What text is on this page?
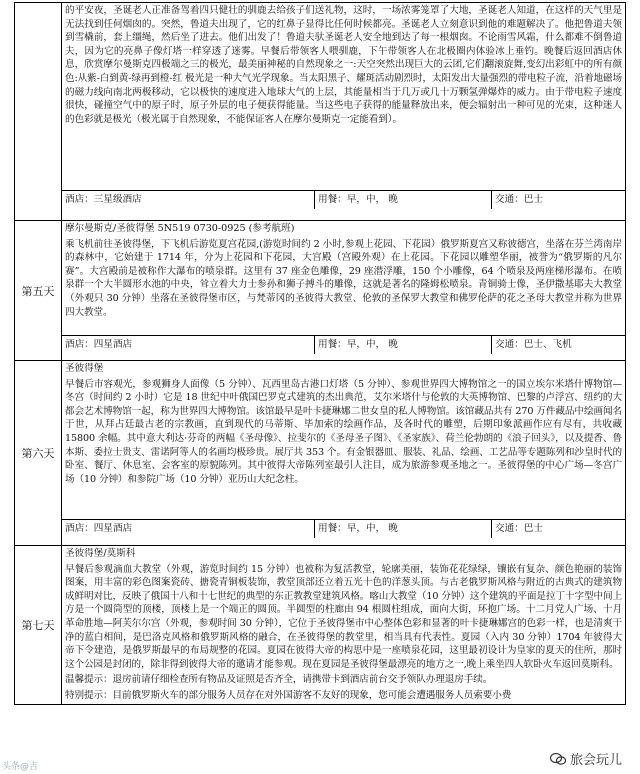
	的平安夜，圣诞老人正准备驾着四只健壮的驯鹿去给孩子们送礼物，这时，一场浓雾笼罩了大地，圣诞老人知道，在这样的天气里是无法找到任何烟囱的。突然，鲁道夫出现了，它的红鼻子显得比任何时候都亮。圣诞老人立刻意识到他的难题解决了。他把鲁道夫领到雪橇前，套上缰绳，然后坐了进去。他们出发了！鲁道夫驮圣诞老人安全地到达了每一根烟囱。不论雨雪风霜，什么都难不倒鲁道夫，因为它的亮鼻子像灯塔一样穿透了迷雾。早餐后带领客人喂驯鹿，下午带领客人在北极圈内体验冰上垂钓。晚餐后返回酒店休息，欣赏摩尔曼斯克四极端之三的极光，最美丽神秘的自然现象之一:天空突然出现巨大的云团,它们翻滚旋舞,变幻出彩虹中的所有颜色:从紫-白到黄-绿再到橙-红 极光是一种大气光学现象。当太阳黑子、耀斑活动剧烈时，太阳发出大量强烈的带电粒子流，沿着地磁场的磁力线向南北两极移动，它以极快的速度进入地球大气的上层，其能量相当于几万或几十万颗氢弹爆炸的威力。由于带电粒子速度很快，碰撞空气中的原子时，原子外层的电子便获得能量。当这些电子获得的能量释放出来，便会辐射出一种可见的光束，这种迷人的色彩就是极光（极光属于自然现象，不能保证客人在摩尔曼斯克一定能看到）。
酒店：三星级酒店 用餐：早，中， 晚 交通：巴士

第五天	摩尔曼斯克/圣彼得堡 5N519 0730-0925 (参考航班)
乘飞机前往圣彼得堡，下飞机后游览夏宫花园,(游览时间约 2 小时,参观上花园、下花园）俄罗斯夏宫又称彼德宫，坐落在芬兰湾南岸的森林中，它始建于 1714 年，分为上花园和下花园，大宫殿（宫殿外观）在上花园。下花园以雕塑华丽，被誉为“俄罗斯的凡尔赛”。大宫殿前是被称作大瀑布的喷泉群。这里有 37 座金色雕像，29 座潜浮雕，150 个小雕像，64 个喷泉及两座梯形瀑布。在喷泉群一个大半圆形水池的中央，耸立着大力士参孙和狮子搏斗的雕像，这就是著名的隆姆松喷泉。青铜骑士像，圣伊撒基耶夫大教堂（外观只 30 分钟）坐落在圣彼得堡市区，与梵蒂冈的圣彼得大教堂、伦敦的圣保罗大教堂和佛罗伦萨的花之圣母大教堂并称为世界四大教堂。
酒店：四星酒店 用餐：早，中， 晚 交通：巴士、飞机

第六天	圣彼得堡
早餐后市容观光，参观狮身人面像（5 分钟）、瓦西里岛古港口灯塔（5 分钟）、参观世界四大博物馆之一的国立埃尔米塔什博物馆—冬宫（时间约 2 小时）它是 18 世纪中叶俄国巴罗克式建筑的杰出典范，艾尔米塔什与伦敦的大英博物馆、巴黎的卢浮宫、纽约的大都会艺术博物馆一起，称为世界四大博物馆。该馆最早是叶卡捷琳娜二世女皇的私人博物馆。该馆藏品共有 270 万件藏品中绘画闻名于世，从拜占廷最古老的宗教画，直到现代的马蒂斯、毕加索的绘画作品，及各时代的雕塑，后期印象派画作应有尽有，共收藏 15800 余幅。其中意大利达·芬奇的两幅《圣母像》、拉斐尔的《圣母圣子图》、《圣家族》、荷兰伦勃朗的《浪子回头》，以及提香、鲁本斯、委拉士贵支、雷诺阿等人的名画均极珍贵。展厅共 353 个。有金银器皿、服装、礼品、绘画、工艺品等专题陈列和沙皇时代的卧室、餐厅、休息室、会客室的原貌陈列。其中彼得大帝陈列室最引人注目，成为旅游参观圣地之一。圣彼得堡的中心广场—冬宫广场（10 分钟）和参院广场（10 分钟）亚历山大纪念柱。
酒店：四星酒店 用餐：早，中， 晚 交通：巴士

第七天	圣彼得堡/莫斯科
早餐后参观滴血大教堂（外观，游览时间约 15 分钟）也被称为复活教堂，轮廓美丽，装饰花花绿绿，镶嵌有复杂、颜色艳丽的装饰图案，用丰富的彩色图案瓷砖、搪瓷青铜板装饰，教堂顶部还立着五光十色的洋葱头顶。与古老俄罗斯风格与附近的古典式的建筑物成鲜明对比，反映了俄国十八和十七世纪的典型的东正教教堂建筑风格。喀山大教堂（10 分钟）这个建筑的平面是拉丁十字型中间上方是一个圆筒型的顶楼，顶楼上是一个端正的圆顶。半圆型的柱廊由 94 根圆柱组成，面向大街，环抱广场。十二月党人广场、十月革命胜地—阿芙尔尔宫（外观，参观时间 30 分钟），它位于圣彼得堡市中心整体色彩和显著的叶卡捷琳娜宫的色彩一样，也是清爽干净的蓝白相间，是巴洛克风格和俄罗斯风格的融合，在圣彼得堡的教堂里，相当具有代表性。夏园（入内 30 分钟）1704 年彼得大帝下令建造，是俄罗斯最早的布局规整的花园。夏园在彼得大帝的构思中是一座喷泉花园，这里最初设计为皇家的夏天的住所，那时这个公园是封闭的，除非得到彼得大帝的邀请才能参观。现在夏园是圣彼得堡最漂亮的地方之一,晚上乘坐四人软卧火车返回莫斯科。
温馨提示：退房前请仔细检查所有物品及证照是否齐全，请携带卡到酒店前台交予领队办理退房手续。
特别提示：目前俄罗斯火车的部分服务人员存在对外国游客不友好的现象，您可能会遭遇服务人员索要小费
头条@吉	旅会玩儿
